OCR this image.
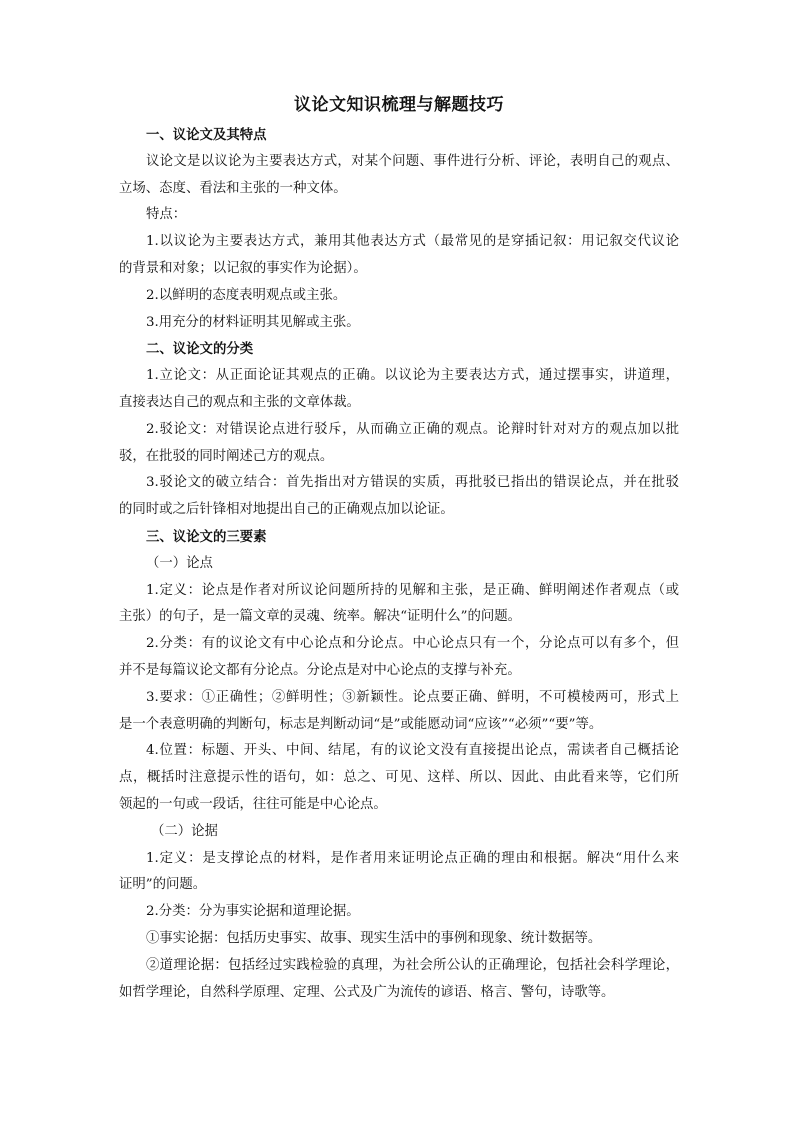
议论文知识梳理与解题技巧

一、议论文及其特点

议论文是以议论为主要表达方式，对某个问题、事件进行分析、评论，表明自己的观点、

立场、态度、看法和主张的一种文体。

特点：

1.以议论为主要表达方式，兼用其他表达方式（最常见的是穿插记叙：用记叙交代议论

的背景和对象；以记叙的事实作为论据）。

2.以鲜明的态度表明观点或主张。

3.用充分的材料证明其见解或主张。

二、议论文的分类

1.立论文：从正面论证其观点的正确。以议论为主要表达方式，通过摆事实，讲道理，

直接表达自己的观点和主张的文章体裁。

2.驳论文：对错误论点进行驳斥，从而确立正确的观点。论辩时针对对方的观点加以批

驳，在批驳的同时阐述己方的观点。

3.驳论文的破立结合：首先指出对方错误的实质，再批驳已指出的错误论点，并在批驳

的同时或之后针锋相对地提出自己的正确观点加以论证。

三、议论文的三要素

（一）论点

1.定义：论点是作者对所议论问题所持的见解和主张，是正确、鲜明阐述作者观点（或

主张）的句子，是一篇文章的灵魂、统率。解决“证明什么”的问题。

2.分类：有的议论文有中心论点和分论点。中心论点只有一个，分论点可以有多个，但

并不是每篇议论文都有分论点。分论点是对中心论点的支撑与补充。

3.要求：①正确性；②鲜明性；③新颖性。论点要正确、鲜明，不可模棱两可，形式上

是一个表意明确的判断句，标志是判断动词“是”或能愿动词“应该”“必须”“要”等。

4.位置：标题、开头、中间、结尾，有的议论文没有直接提出论点，需读者自己概括论

点，概括时注意提示性的语句，如：总之、可见、这样、所以、因此、由此看来等，它们所

领起的一句或一段话，往往可能是中心论点。

（二）论据

1.定义：是支撑论点的材料，是作者用来证明论点正确的理由和根据。解决“用什么来

证明”的问题。

2.分类：分为事实论据和道理论据。

①事实论据：包括历史事实、故事、现实生活中的事例和现象、统计数据等。

②道理论据：包括经过实践检验的真理，为社会所公认的正确理论，包括社会科学理论，

如哲学理论，自然科学原理、定理、公式及广为流传的谚语、格言、警句，诗歌等。
